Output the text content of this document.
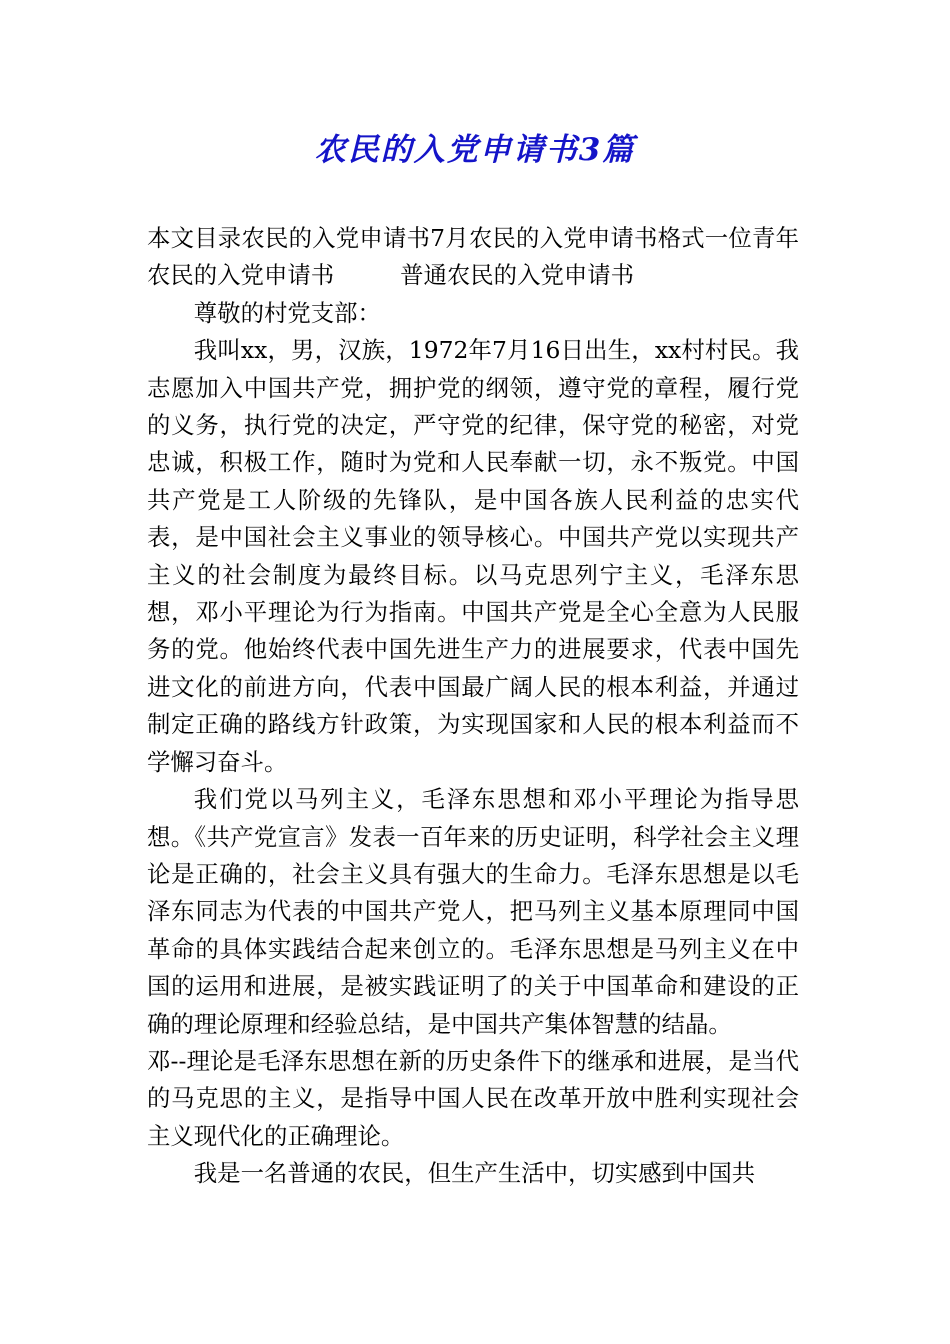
农民的入党申请书3篇

本文目录农民的入党申请书7月农民的入党申请书格式一位青年农民的入党申请书	普通农民的入党申请书

尊敬的村党支部：

我叫xx，男，汉族，1972年7月16日出生，xx村村民。我志愿加入中国共产党，拥护党的纲领，遵守党的章程，履行党的义务，执行党的决定，严守党的纪律，保守党的秘密，对党忠诚，积极工作，随时为党和人民奉献一切，永不叛党。中国共产党是工人阶级的先锋队，是中国各族人民利益的忠实代表，是中国社会主义事业的领导核心。中国共产党以实现共产主义的社会制度为最终目标。以马克思列宁主义，毛泽东思想，邓小平理论为行为指南。中国共产党是全心全意为人民服务的党。他始终代表中国先进生产力的进展要求，代表中国先进文化的前进方向，代表中国最广阔人民的根本利益，并通过制定正确的路线方针政策，为实现国家和人民的根本利益而不学懈习奋斗。

我们党以马列主义，毛泽东思想和邓小平理论为指导思想。《共产党宣言》发表一百年来的历史证明，科学社会主义理论是正确的，社会主义具有强大的生命力。毛泽东思想是以毛泽东同志为代表的中国共产党人，把马列主义基本原理同中国革命的具体实践结合起来创立的。毛泽东思想是马列主义在中国的运用和进展，是被实践证明了的关于中国革命和建设的正确的理论原理和经验总结，是中国共产集体智慧的结晶。

邓--理论是毛泽东思想在新的历史条件下的继承和进展，是当代的马克思的主义，是指导中国人民在改革开放中胜利实现社会主义现代化的正确理论。

我是一名普通的农民，但生产生活中，切实感到中国共
